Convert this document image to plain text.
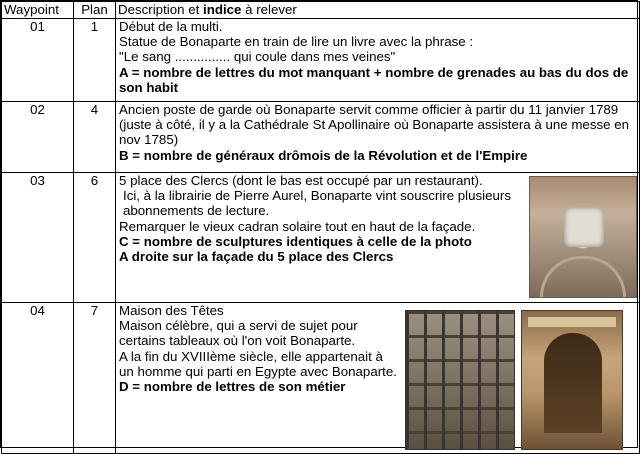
Waypoint	Plan	Description et indice à relever
01	1	Début de la multi.
Statue de Bonaparte en train de lire un livre avec la phrase :
"Le sang ............... qui coule dans mes veines"
A = nombre de lettres du mot manquant + nombre de grenades au bas du dos de son habit

02	4	Ancien poste de garde où Bonaparte servit comme officier à partir du 11 janvier 1789 (juste à côté, il y a la Cathédrale St Apollinaire où Bonaparte assistera à une messe en nov 1785)
B = nombre de généraux drômois de la Révolution et de l'Empire

03	6	5 place des Clercs (dont le bas est occupé par un restaurant).
Ici, à la librairie de Pierre Aurel, Bonaparte vint souscrire plusieurs abonnements de lecture.
Remarquer le vieux cadran solaire tout en haut de la façade.
C = nombre de sculptures identiques à celle de la photo
A droite sur la façade du 5 place des Clercs

04	7	Maison des Têtes
Maison célèbre, qui a servi de sujet pour certains tableaux où l'on voit Bonaparte.
A la fin du XVIIIème siècle, elle appartenait à un homme qui parti en Egypte avec Bonaparte.
D = nombre de lettres de son métier
